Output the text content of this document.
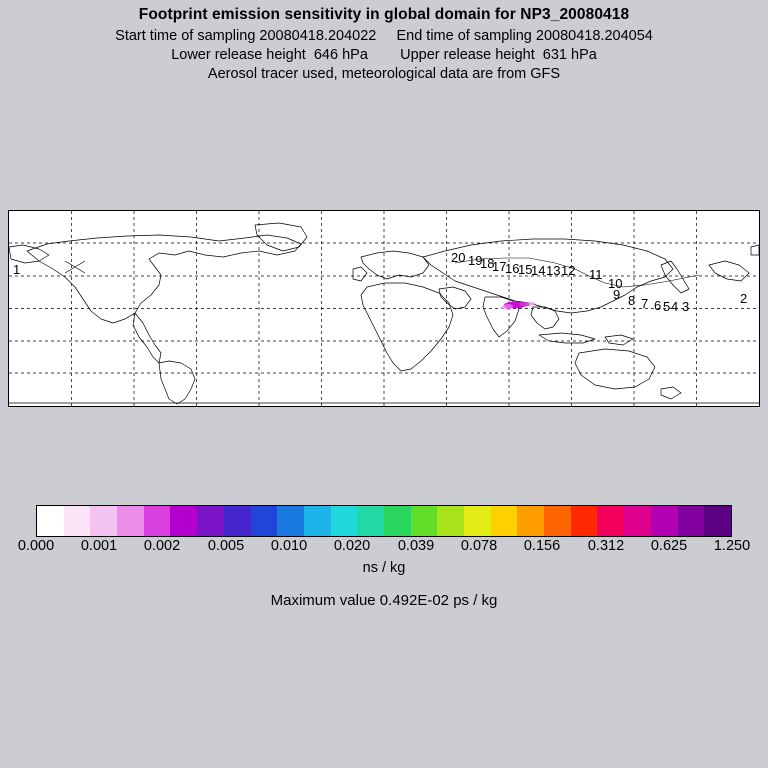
Footprint emission sensitivity in global domain for NP3_20080418
Start time of sampling 20080418.204022     End time of sampling 20080418.204054
Lower release height  646 hPa        Upper release height  631 hPa
Aerosol tracer used, meteorological data are from GFS
20 19
18
17
16
15
14 13 12 11
10
9 8 7 6 5 4 3
2
1
0.000 0.001 0.002 0.005 0.010 0.020 0.039 0.078 0.156 0.312 0.625 1.250
ns / kg
Maximum value 0.492E-02 ps / kg
